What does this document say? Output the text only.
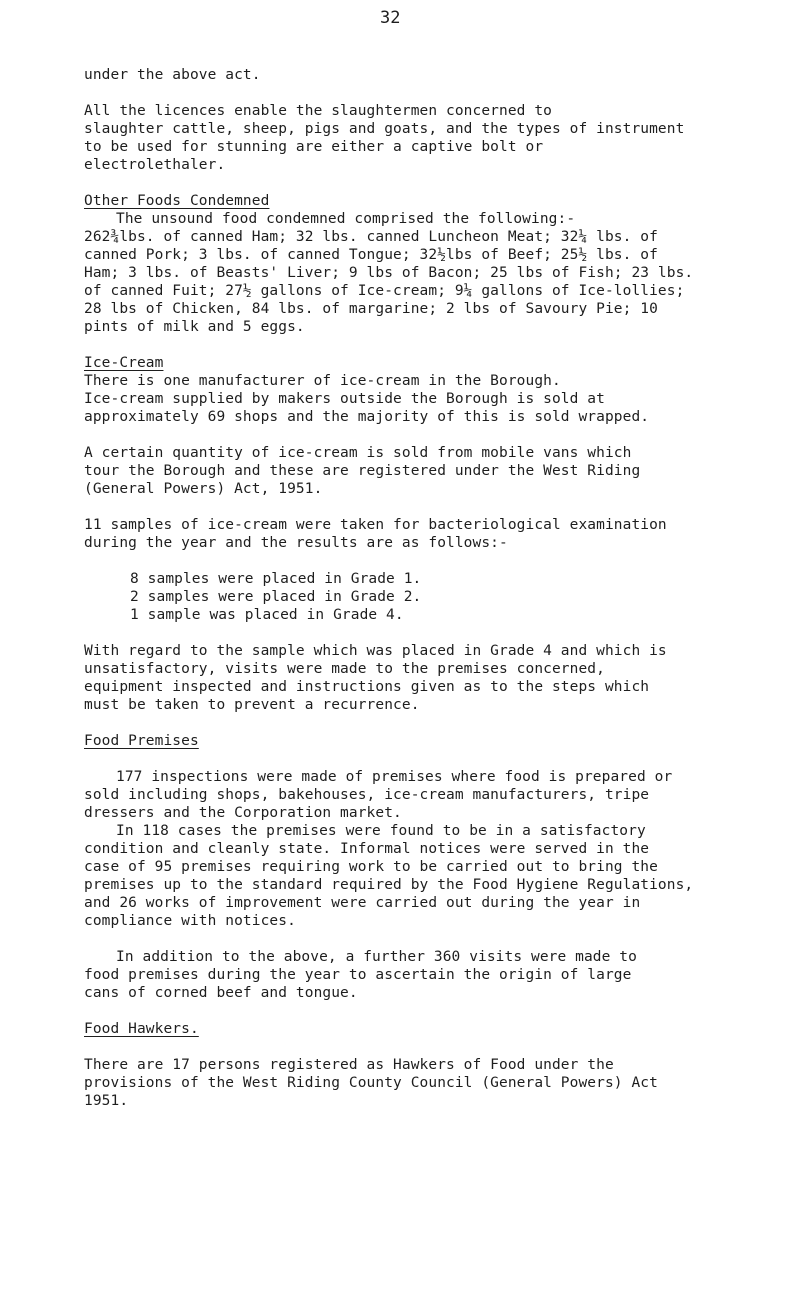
32
under the above act.
All the licences enable the slaughtermen concerned to
slaughter cattle, sheep, pigs and goats, and the types of instrument
to be used for stunning are either a captive bolt or
electrolethaler.
Other Foods Condemned
The unsound food condemned comprised the following:-
262¾lbs. of canned Ham; 32 lbs. canned Luncheon Meat; 32¼ lbs. of
canned Pork; 3 lbs. of canned Tongue; 32½lbs of Beef; 25½ lbs. of
Ham; 3 lbs. of Beasts' Liver; 9 lbs of Bacon; 25 lbs of Fish; 23 lbs.
of canned Fuit; 27½ gallons of Ice-cream; 9¼ gallons of Ice-lollies;
28 lbs of Chicken, 84 lbs. of margarine; 2 lbs of Savoury Pie; 10
pints of milk and 5 eggs.
Ice-Cream
There is one manufacturer of ice-cream in the Borough.
Ice-cream supplied by makers outside the Borough is sold at
approximately 69 shops and the majority of this is sold wrapped.
A certain quantity of ice-cream is sold from mobile vans which
tour the Borough and these are registered under the West Riding
(General Powers) Act, 1951.
11 samples of ice-cream were taken for bacteriological examination
during the year and the results are as follows:-
8 samples were placed in Grade 1.
2 samples were placed in Grade 2.
1 sample was placed in Grade 4.
With regard to the sample which was placed in Grade 4 and which is
unsatisfactory, visits were made to the premises concerned,
equipment inspected and instructions given as to the steps which
must be taken to prevent a recurrence.
Food Premises
177 inspections were made of premises where food is prepared or
sold including shops, bakehouses, ice-cream manufacturers, tripe
dressers and the Corporation market.
In 118 cases the premises were found to be in a satisfactory
condition and cleanly state. Informal notices were served in the
case of 95 premises requiring work to be carried out to bring the
premises up to the standard required by the Food Hygiene Regulations,
and 26 works of improvement were carried out during the year in
compliance with notices.
In addition to the above, a further 360 visits were made to
food premises during the year to ascertain the origin of large
cans of corned beef and tongue.
Food Hawkers.
There are 17 persons registered as Hawkers of Food under the
provisions of the West Riding County Council (General Powers) Act
1951.
